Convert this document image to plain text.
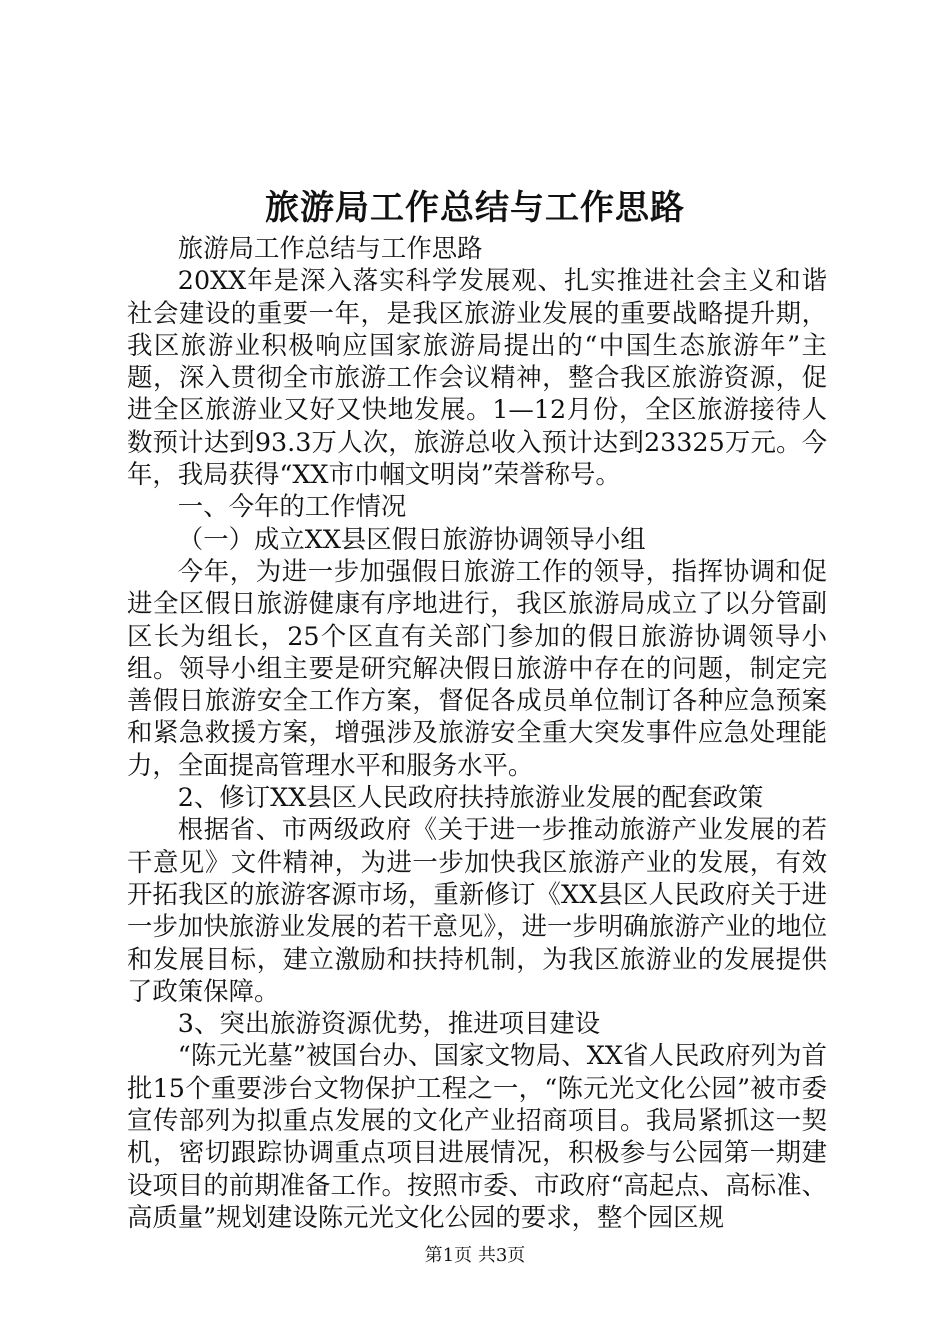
旅游局工作总结与工作思路

旅游局工作总结与工作思路

20XX年是深入落实科学发展观、扎实推进社会主义和谐社会建设的重要一年，是我区旅游业发展的重要战略提升期，我区旅游业积极响应国家旅游局提出的“中国生态旅游年”主题，深入贯彻全市旅游工作会议精神，整合我区旅游资源，促进全区旅游业又好又快地发展。1—12月份，全区旅游接待人数预计达到93.3万人次，旅游总收入预计达到23325万元。今年，我局获得“XX市巾帼文明岗”荣誉称号。

一、今年的工作情况

（一）成立XX县区假日旅游协调领导小组

今年，为进一步加强假日旅游工作的领导，指挥协调和促进全区假日旅游健康有序地进行，我区旅游局成立了以分管副区长为组长，25个区直有关部门参加的假日旅游协调领导小组。领导小组主要是研究解决假日旅游中存在的问题，制定完善假日旅游安全工作方案，督促各成员单位制订各种应急预案和紧急救援方案，增强涉及旅游安全重大突发事件应急处理能力，全面提高管理水平和服务水平。

2、修订XX县区人民政府扶持旅游业发展的配套政策

根据省、市两级政府《关于进一步推动旅游产业发展的若干意见》文件精神，为进一步加快我区旅游产业的发展，有效开拓我区的旅游客源市场，重新修订《XX县区人民政府关于进一步加快旅游业发展的若干意见》，进一步明确旅游产业的地位和发展目标，建立激励和扶持机制，为我区旅游业的发展提供了政策保障。

3、突出旅游资源优势，推进项目建设

“陈元光墓”被国台办、国家文物局、XX省人民政府列为首批15个重要涉台文物保护工程之一，“陈元光文化公园”被市委宣传部列为拟重点发展的文化产业招商项目。我局紧抓这一契机，密切跟踪协调重点项目进展情况，积极参与公园第一期建设项目的前期准备工作。按照市委、市政府“高起点、高标准、高质量”规划建设陈元光文化公园的要求，整个园区规

第1页 共3页
